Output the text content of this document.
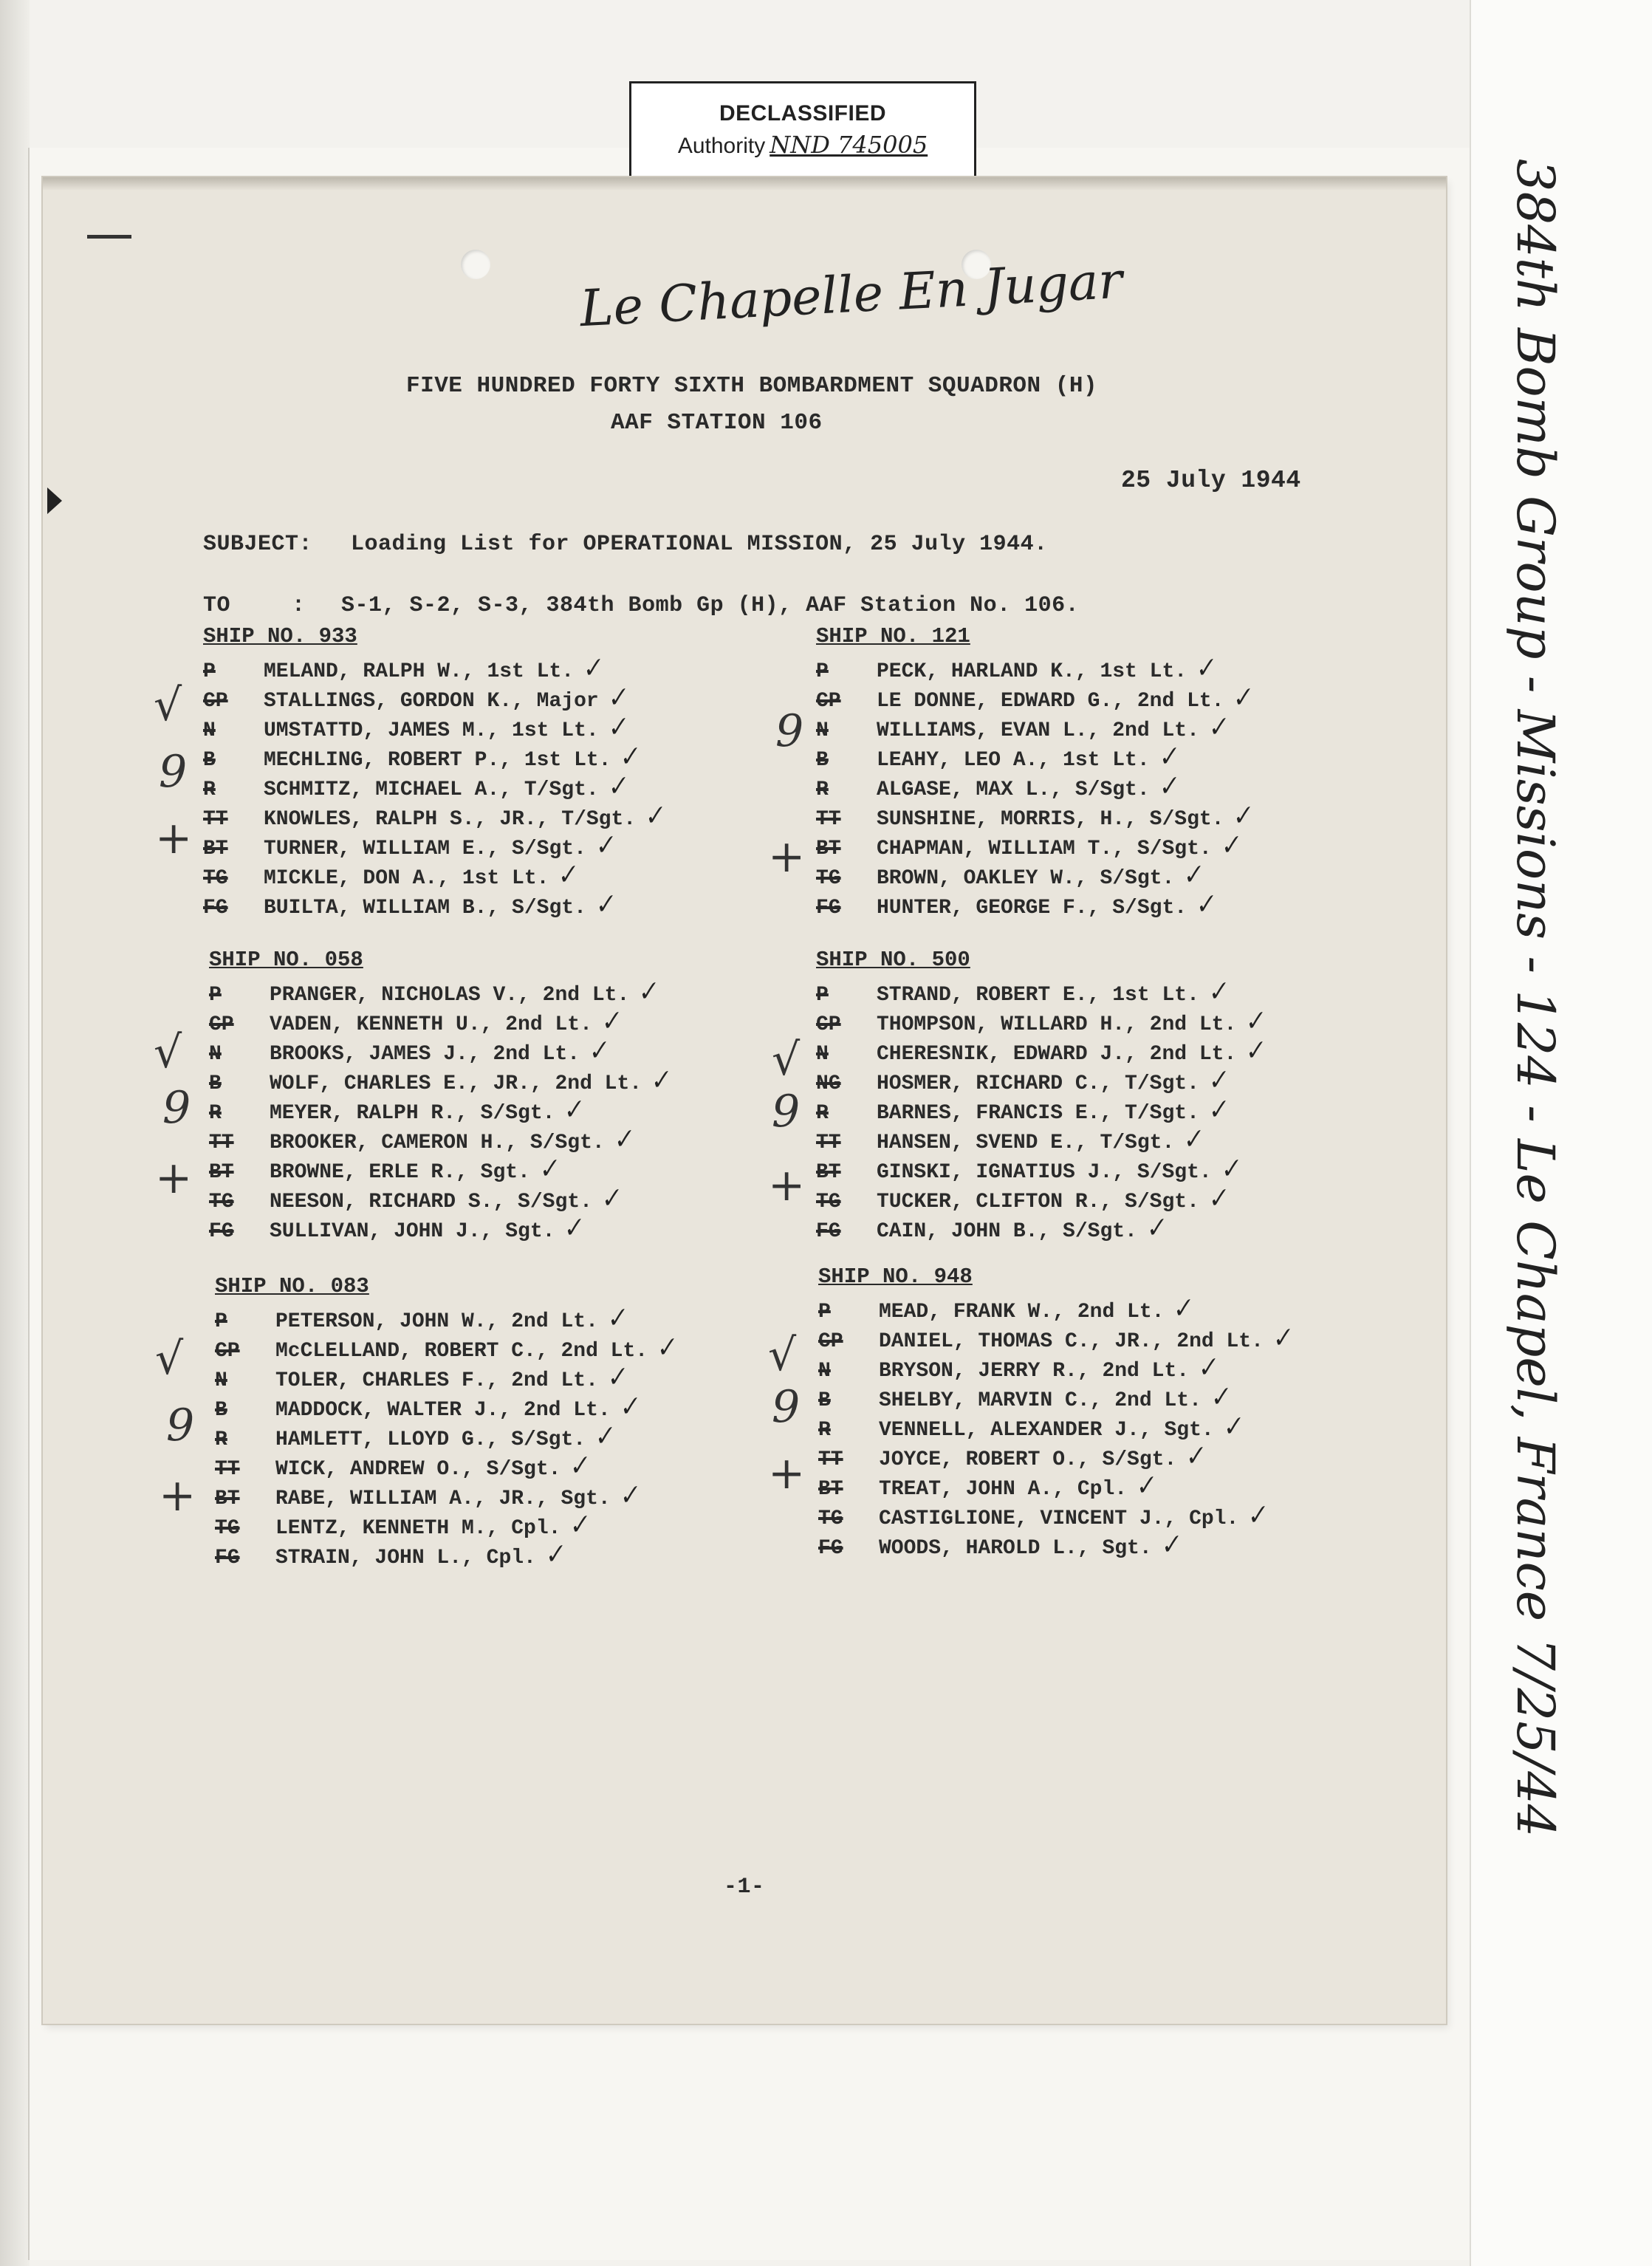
DECLASSIFIED
Authority NND 745005
Le Chapelle En Jugar
FIVE HUNDRED FORTY SIXTH BOMBARDMENT SQUADRON (H)
AAF STATION 106
25 July 1944
SUBJECT: Loading List for OPERATIONAL MISSION, 25 July 1944.
TO	: S-1, S-2, S-3, 384th Bomb Gp (H), AAF Station No. 106.
SHIP NO. 933
P MELAND, RALPH W., 1st Lt. ✓
CP STALLINGS, GORDON K., Major ✓
N UMSTATTD, JAMES M., 1st Lt. ✓
B MECHLING, ROBERT P., 1st Lt. ✓
R SCHMITZ, MICHAEL A., T/Sgt. ✓
TT KNOWLES, RALPH S., JR., T/Sgt. ✓
BT TURNER, WILLIAM E., S/Sgt. ✓
TG MICKLE, DON A., 1st Lt. ✓
FG BUILTA, WILLIAM B., S/Sgt. ✓
SHIP NO. 121
P PECK, HARLAND K., 1st Lt. ✓
CP LE DONNE, EDWARD G., 2nd Lt. ✓
N WILLIAMS, EVAN L., 2nd Lt. ✓
B LEAHY, LEO A., 1st Lt. ✓
R ALGASE, MAX L., S/Sgt. ✓
TT SUNSHINE, MORRIS, H., S/Sgt. ✓
BT CHAPMAN, WILLIAM T., S/Sgt. ✓
TG BROWN, OAKLEY W., S/Sgt. ✓
FG HUNTER, GEORGE F., S/Sgt. ✓
SHIP NO. 058
P PRANGER, NICHOLAS V., 2nd Lt. ✓
CP VADEN, KENNETH U., 2nd Lt. ✓
N BROOKS, JAMES J., 2nd Lt. ✓
B WOLF, CHARLES E., JR., 2nd Lt. ✓
R MEYER, RALPH R., S/Sgt. ✓
TT BROOKER, CAMERON H., S/Sgt. ✓
BT BROWNE, ERLE R., Sgt. ✓
TG NEESON, RICHARD S., S/Sgt. ✓
FG SULLIVAN, JOHN J., Sgt. ✓
SHIP NO. 500
P STRAND, ROBERT E., 1st Lt. ✓
CP THOMPSON, WILLARD H., 2nd Lt. ✓
N CHERESNIK, EDWARD J., 2nd Lt. ✓
NG HOSMER, RICHARD C., T/Sgt. ✓
R BARNES, FRANCIS E., T/Sgt. ✓
TT HANSEN, SVEND E., T/Sgt. ✓
BT GINSKI, IGNATIUS J., S/Sgt. ✓
TG TUCKER, CLIFTON R., S/Sgt. ✓
FG CAIN, JOHN B., S/Sgt. ✓
SHIP NO. 083
P PETERSON, JOHN W., 2nd Lt. ✓
CP McCLELLAND, ROBERT C., 2nd Lt. ✓
N TOLER, CHARLES F., 2nd Lt. ✓
B MADDOCK, WALTER J., 2nd Lt. ✓
R HAMLETT, LLOYD G., S/Sgt. ✓
TT WICK, ANDREW O., S/Sgt. ✓
BT RABE, WILLIAM A., JR., Sgt. ✓
TG LENTZ, KENNETH M., Cpl. ✓
FG STRAIN, JOHN L., Cpl. ✓
SHIP NO. 948
P MEAD, FRANK W., 2nd Lt. ✓
CP DANIEL, THOMAS C., JR., 2nd Lt. ✓
N BRYSON, JERRY R., 2nd Lt. ✓
B SHELBY, MARVIN C., 2nd Lt. ✓
R VENNELL, ALEXANDER J., Sgt. ✓
TT JOYCE, ROBERT O., S/Sgt. ✓
BT TREAT, JOHN A., Cpl. ✓
TG CASTIGLIONE, VINCENT J., Cpl. ✓
FG WOODS, HAROLD L., Sgt. ✓
√
9
+
9
+
√
9
+
√
9
+
√
9
+
√
9
+
-1-
384th Bomb Group - Missions - 124 - Le Chapel, France 7/25/44
